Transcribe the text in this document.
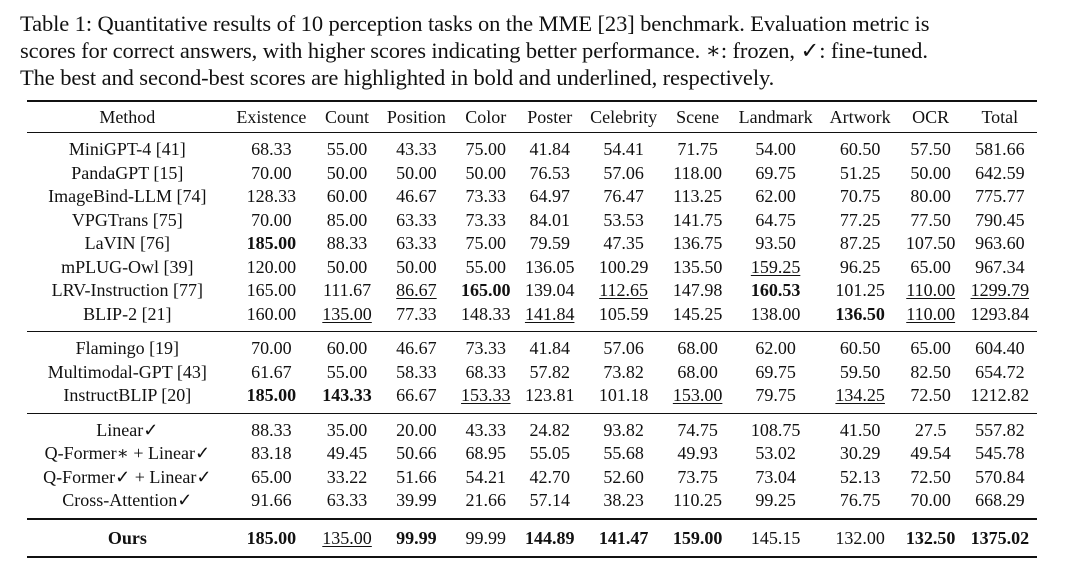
Table 1: Quantitative results of 10 perception tasks on the MME [23] benchmark. Evaluation metric is
scores for correct answers, with higher scores indicating better performance. ∗: frozen, ✓: fine-tuned.
The best and second-best scores are highlighted in bold and underlined, respectively.
Method	Existence	Count	Position	Color	Poster	Celebrity	Scene	Landmark	Artwork	OCR	Total
MiniGPT-4 [41]	68.33	55.00	43.33	75.00	41.84	54.41	71.75	54.00	60.50	57.50	581.66
PandaGPT [15]	70.00	50.00	50.00	50.00	76.53	57.06	118.00	69.75	51.25	50.00	642.59
ImageBind-LLM [74]	128.33	60.00	46.67	73.33	64.97	76.47	113.25	62.00	70.75	80.00	775.77
VPGTrans [75]	70.00	85.00	63.33	73.33	84.01	53.53	141.75	64.75	77.25	77.50	790.45
LaVIN [76]	185.00	88.33	63.33	75.00	79.59	47.35	136.75	93.50	87.25	107.50	963.60
mPLUG-Owl [39]	120.00	50.00	50.00	55.00	136.05	100.29	135.50	159.25	96.25	65.00	967.34
LRV-Instruction [77]	165.00	111.67	86.67	165.00	139.04	112.65	147.98	160.53	101.25	110.00	1299.79
BLIP-2 [21]	160.00	135.00	77.33	148.33	141.84	105.59	145.25	138.00	136.50	110.00	1293.84
Flamingo [19]	70.00	60.00	46.67	73.33	41.84	57.06	68.00	62.00	60.50	65.00	604.40
Multimodal-GPT [43]	61.67	55.00	58.33	68.33	57.82	73.82	68.00	69.75	59.50	82.50	654.72
InstructBLIP [20]	185.00	143.33	66.67	153.33	123.81	101.18	153.00	79.75	134.25	72.50	1212.82
Linear✓	88.33	35.00	20.00	43.33	24.82	93.82	74.75	108.75	41.50	27.5	557.82
Q-Former∗ + Linear✓	83.18	49.45	50.66	68.95	55.05	55.68	49.93	53.02	30.29	49.54	545.78
Q-Former✓ + Linear✓	65.00	33.22	51.66	54.21	42.70	52.60	73.75	73.04	52.13	72.50	570.84
Cross-Attention✓	91.66	63.33	39.99	21.66	57.14	38.23	110.25	99.25	76.75	70.00	668.29
Ours	185.00	135.00	99.99	99.99	144.89	141.47	159.00	145.15	132.00	132.50	1375.02
